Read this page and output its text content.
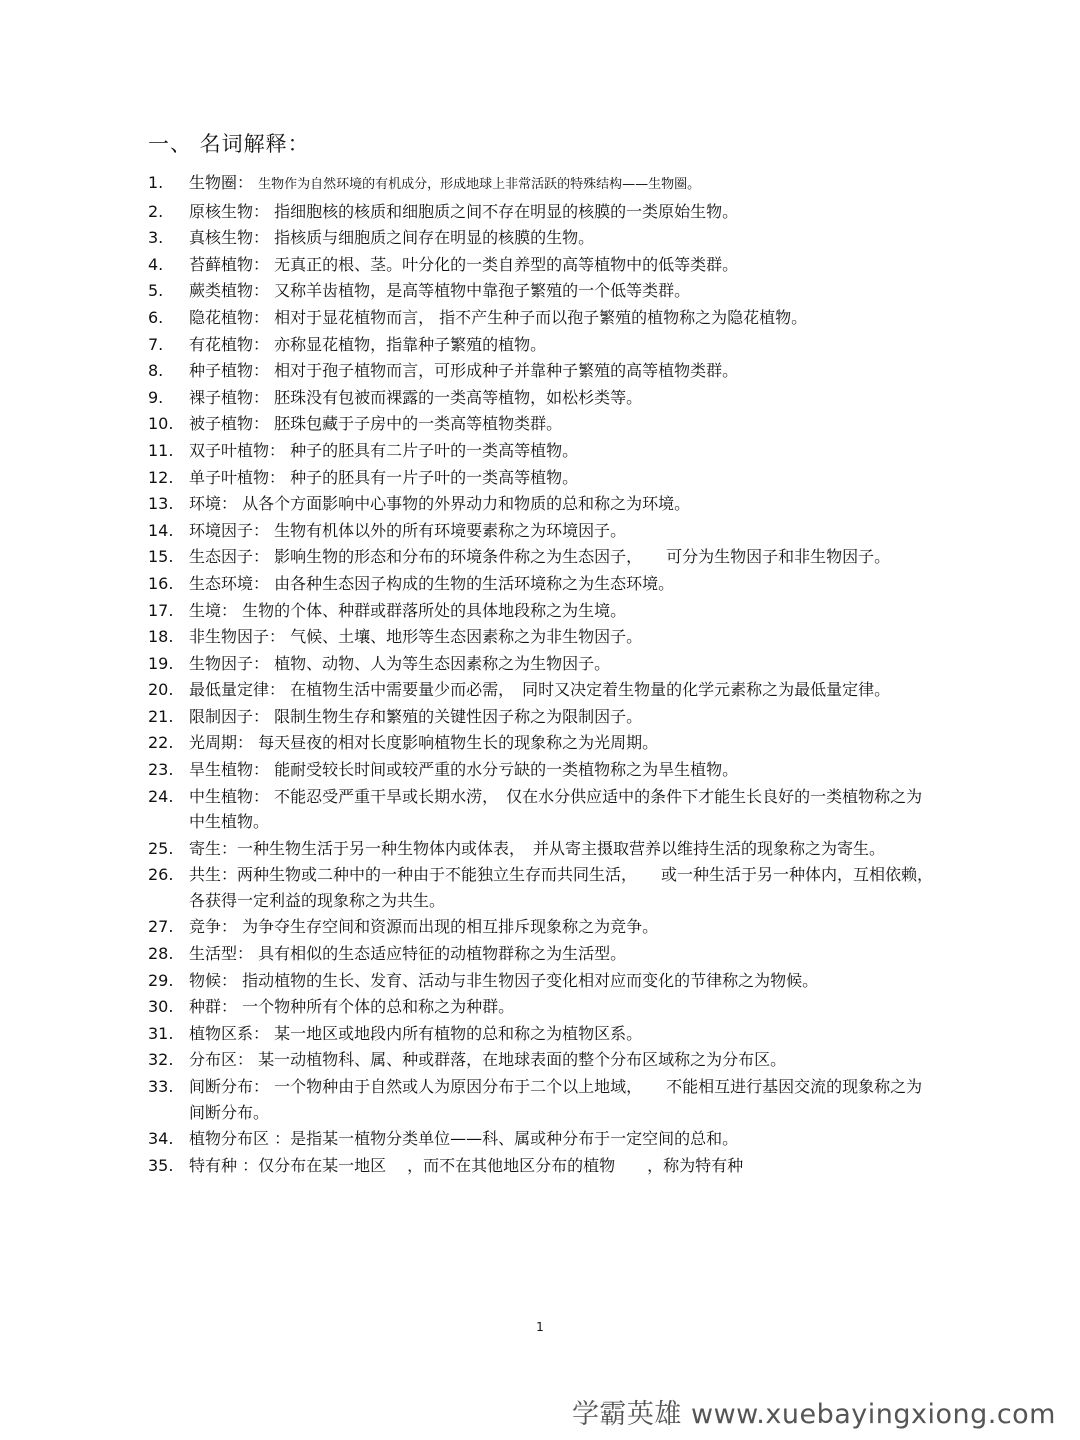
一、 名词解释：
1. 生物圈： 生物作为自然环境的有机成分，形成地球上非常活跃的特殊结构——生物圈。
2. 原核生物： 指细胞核的核质和细胞质之间不存在明显的核膜的一类原始生物。
3. 真核生物： 指核质与细胞质之间存在明显的核膜的生物。
4. 苔藓植物： 无真正的根、茎。叶分化的一类自养型的高等植物中的低等类群。
5. 蕨类植物： 又称羊齿植物，是高等植物中靠孢子繁殖的一个低等类群。
6. 隐花植物： 相对于显花植物而言， 指不产生种子而以孢子繁殖的植物称之为隐花植物。
7. 有花植物： 亦称显花植物，指靠种子繁殖的植物。
8. 种子植物： 相对于孢子植物而言，可形成种子并靠种子繁殖的高等植物类群。
9. 裸子植物： 胚珠没有包被而裸露的一类高等植物，如松杉类等。
10. 被子植物： 胚珠包藏于子房中的一类高等植物类群。
11. 双子叶植物： 种子的胚具有二片子叶的一类高等植物。
12. 单子叶植物： 种子的胚具有一片子叶的一类高等植物。
13. 环境： 从各个方面影响中心事物的外界动力和物质的总和称之为环境。
14. 环境因子： 生物有机体以外的所有环境要素称之为环境因子。
15. 生态因子： 影响生物的形态和分布的环境条件称之为生态因子，　　可分为生物因子和非生物因子。
16. 生态环境： 由各种生态因子构成的生物的生活环境称之为生态环境。
17. 生境： 生物的个体、种群或群落所处的具体地段称之为生境。
18. 非生物因子： 气候、土壤、地形等生态因素称之为非生物因子。
19. 生物因子： 植物、动物、人为等生态因素称之为生物因子。
20. 最低量定律： 在植物生活中需要量少而必需，　同时又决定着生物量的化学元素称之为最低量定律。
21. 限制因子： 限制生物生存和繁殖的关键性因子称之为限制因子。
22. 光周期： 每天昼夜的相对长度影响植物生长的现象称之为光周期。
23. 旱生植物： 能耐受较长时间或较严重的水分亏缺的一类植物称之为旱生植物。
24. 中生植物： 不能忍受严重干旱或长期水涝，　仅在水分供应适中的条件下才能生长良好的一类植物称之为中生植物。
25. 寄生：一种生物生活于另一种生物体内或体表，　并从寄主摄取营养以维持生活的现象称之为寄生。
26. 共生：两种生物或二种中的一种由于不能独立生存而共同生活，　　或一种生活于另一种体内，互相依赖，各获得一定利益的现象称之为共生。
27. 竞争： 为争夺生存空间和资源而出现的相互排斥现象称之为竞争。
28. 生活型： 具有相似的生态适应特征的动植物群称之为生活型。
29. 物候： 指动植物的生长、发育、活动与非生物因子变化相对应而变化的节律称之为物候。
30. 种群： 一个物种所有个体的总和称之为种群。
31. 植物区系： 某一地区或地段内所有植物的总和称之为植物区系。
32. 分布区： 某一动植物科、属、种或群落，在地球表面的整个分布区域称之为分布区。
33. 间断分布： 一个物种由于自然或人为原因分布于二个以上地域，　　不能相互进行基因交流的现象称之为间断分布。
34. 植物分布区 ：是指某一植物分类单位——科、属或种分布于一定空间的总和。
35. 特有种 ：仅分布在某一地区　 ，而不在其他地区分布的植物　　，称为特有种
1
学霸英雄 www.xuebayingxiong.com
